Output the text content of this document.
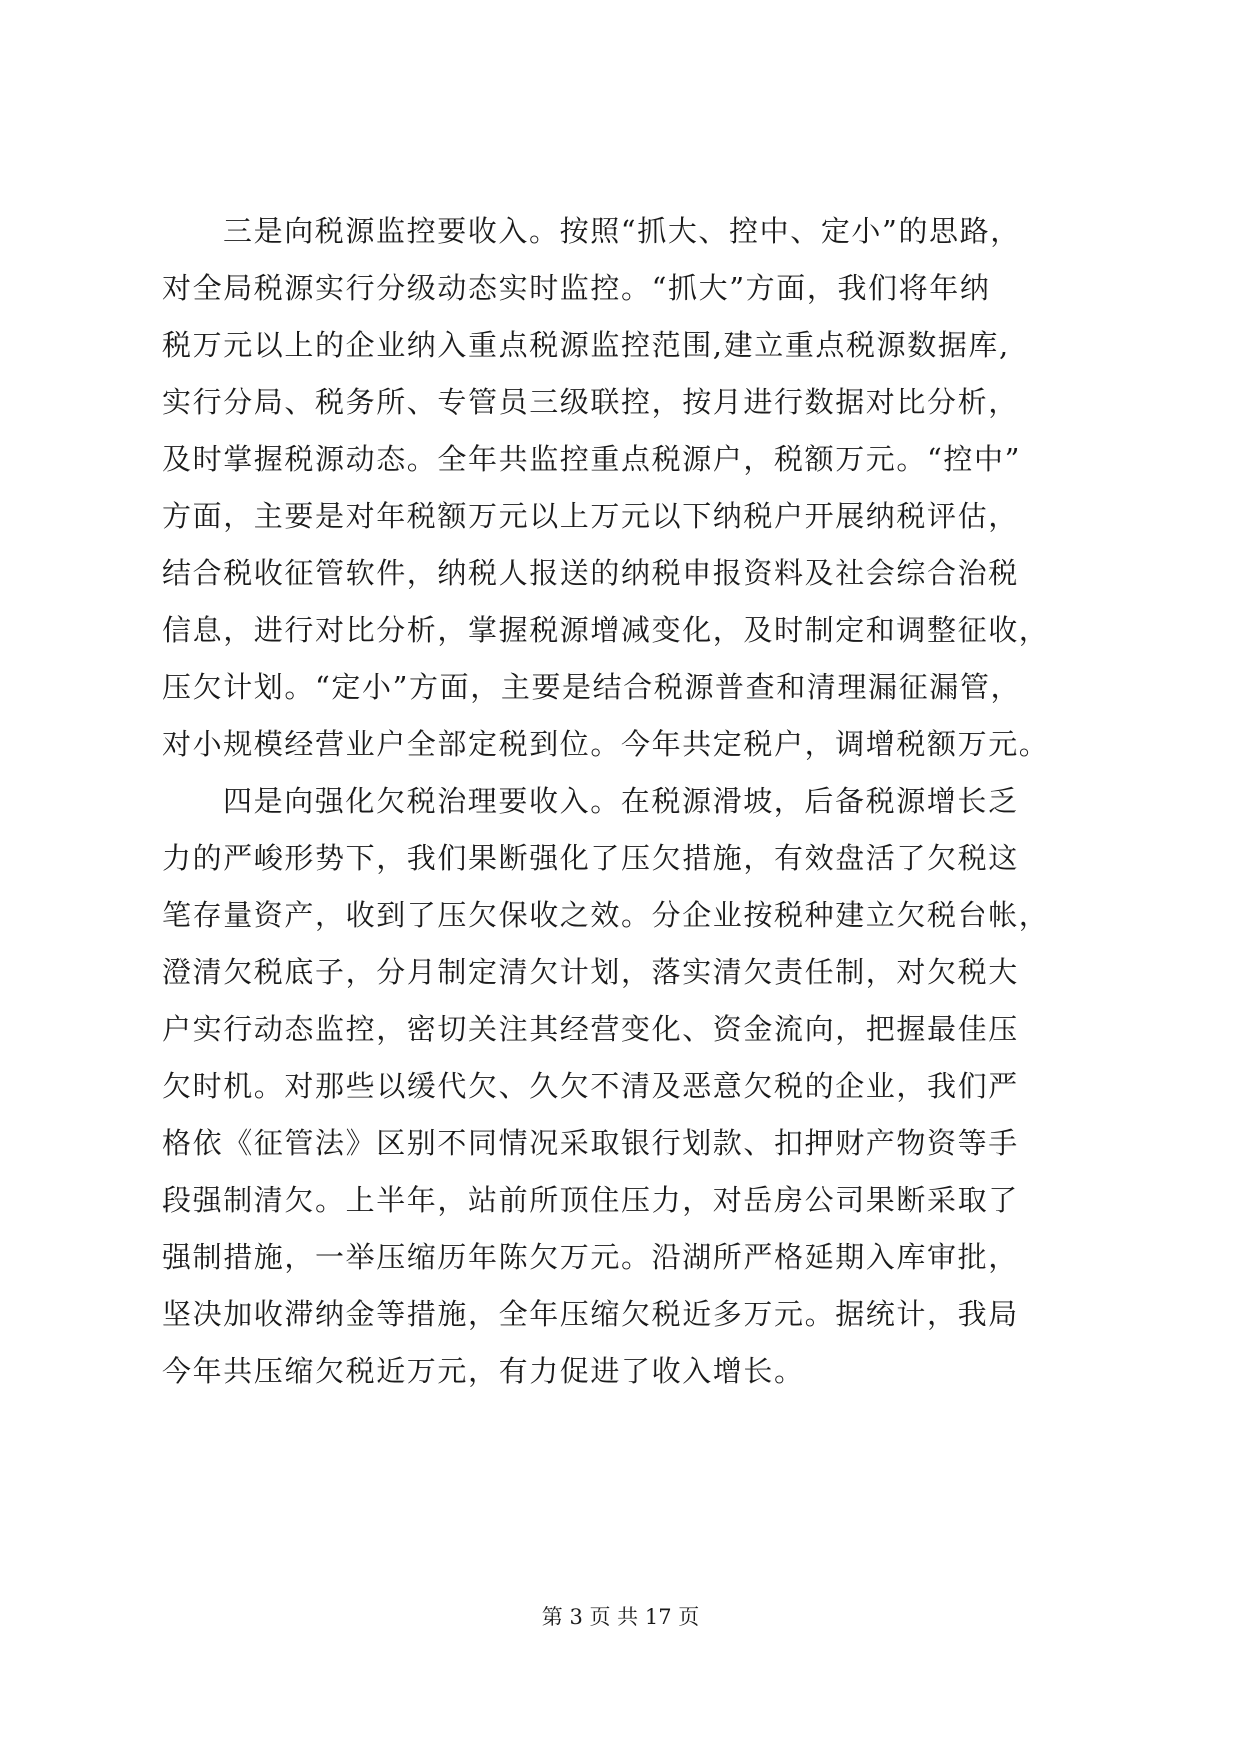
三是向税源监控要收入。按照“抓大、控中、定小”的思路，
对全局税源实行分级动态实时监控。“抓大”方面，我们将年纳
税万元以上的企业纳入重点税源监控范围,建立重点税源数据库,
实行分局、税务所、专管员三级联控，按月进行数据对比分析，
及时掌握税源动态。全年共监控重点税源户，税额万元。“控中”
方面，主要是对年税额万元以上万元以下纳税户开展纳税评估，
结合税收征管软件，纳税人报送的纳税申报资料及社会综合治税
信息，进行对比分析，掌握税源增减变化，及时制定和调整征收，
压欠计划。“定小”方面，主要是结合税源普查和清理漏征漏管，
对小规模经营业户全部定税到位。今年共定税户，调增税额万元。
四是向强化欠税治理要收入。在税源滑坡，后备税源增长乏
力的严峻形势下，我们果断强化了压欠措施，有效盘活了欠税这
笔存量资产，收到了压欠保收之效。分企业按税种建立欠税台帐，
澄清欠税底子，分月制定清欠计划，落实清欠责任制，对欠税大
户实行动态监控，密切关注其经营变化、资金流向，把握最佳压
欠时机。对那些以缓代欠、久欠不清及恶意欠税的企业，我们严
格依《征管法》区别不同情况采取银行划款、扣押财产物资等手
段强制清欠。上半年，站前所顶住压力，对岳房公司果断采取了
强制措施，一举压缩历年陈欠万元。沿湖所严格延期入库审批，
坚决加收滞纳金等措施，全年压缩欠税近多万元。据统计，我局
今年共压缩欠税近万元，有力促进了收入增长。
第 3 页 共 17 页
